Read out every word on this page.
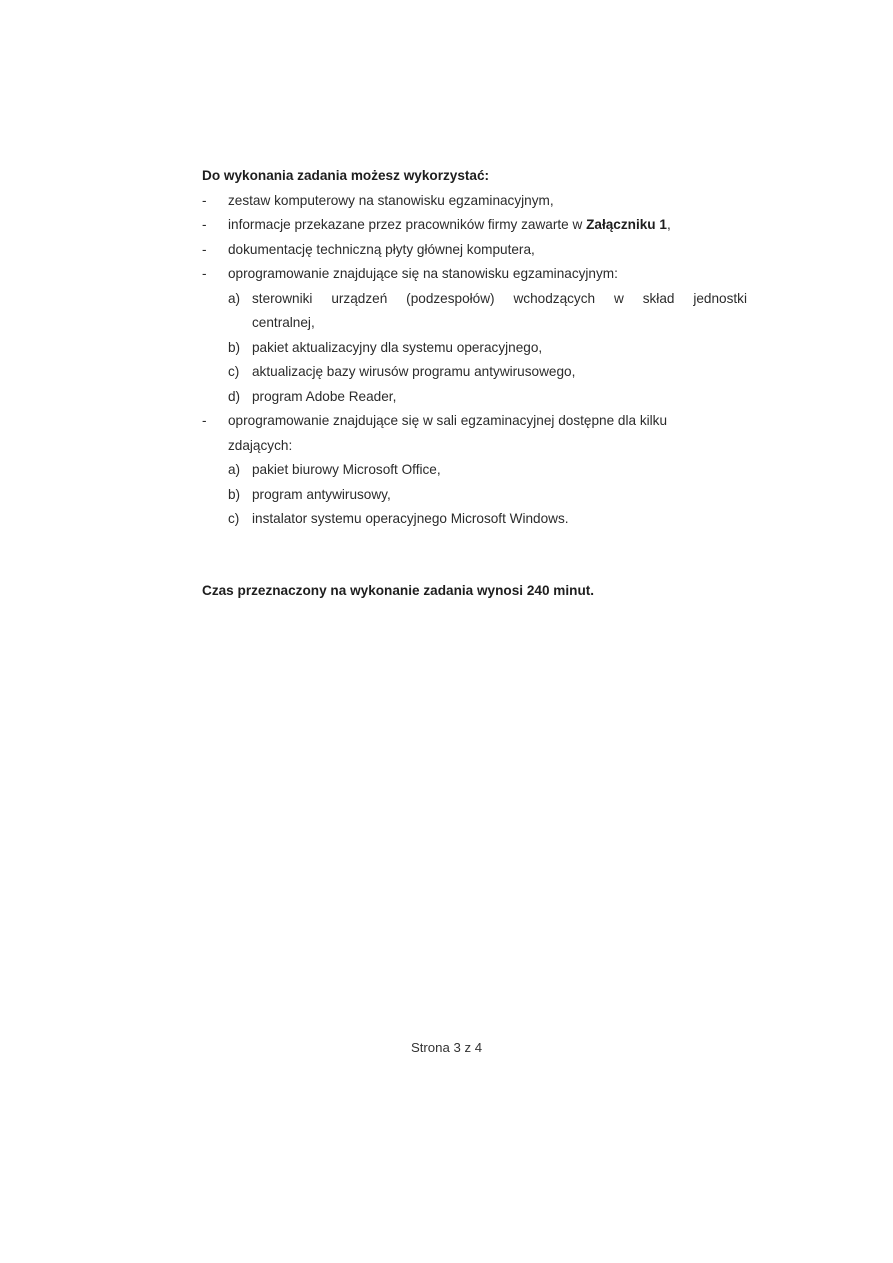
Do wykonania zadania możesz wykorzystać:

-	zestaw komputerowy na stanowisku egzaminacyjnym,
-	informacje przekazane przez pracowników firmy zawarte w Załączniku 1,
-	dokumentację techniczną płyty głównej komputera,
-	oprogramowanie znajdujące się na stanowisku egzaminacyjnym:
a) sterowniki urządzeń (podzespołów) wchodzących w skład jednostki
centralnej,
b) pakiet aktualizacyjny dla systemu operacyjnego,
c) aktualizację bazy wirusów programu antywirusowego,
d) program Adobe Reader,
-	oprogramowanie znajdujące się w sali egzaminacyjnej dostępne dla kilku
zdających:
a) pakiet biurowy Microsoft Office,
b) program antywirusowy,
c) instalator systemu operacyjnego Microsoft Windows.
Czas przeznaczony na wykonanie zadania wynosi 240 minut.
Strona 3 z 4
